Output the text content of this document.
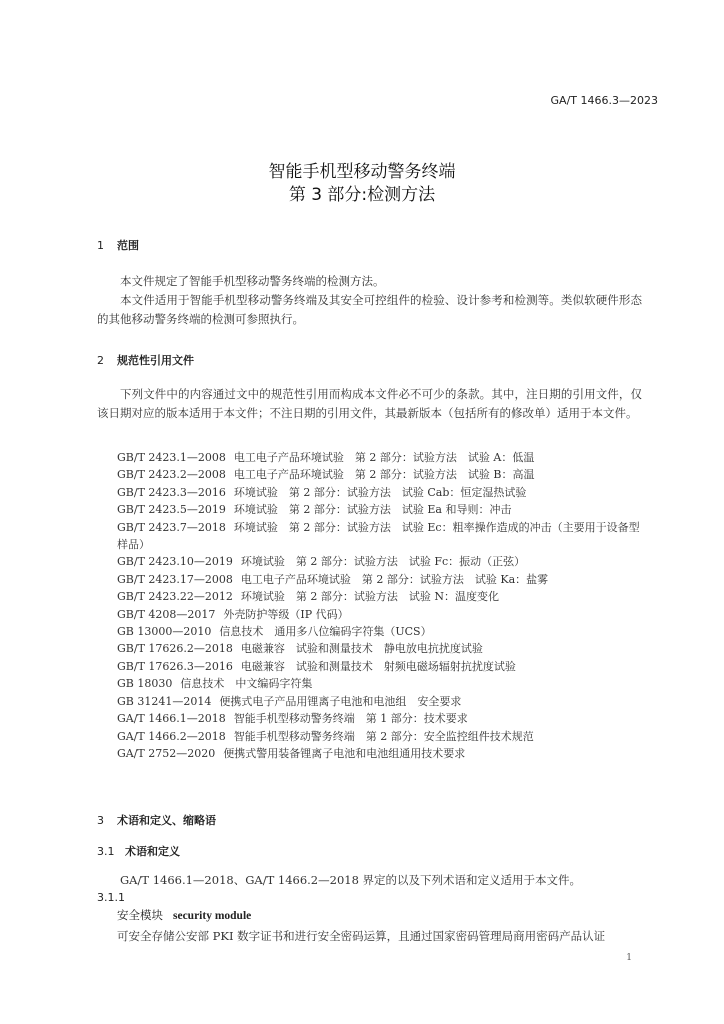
GA/T 1466.3—2023
智能手机型移动警务终端
第 3 部分:检测方法
1 范围
本文件规定了智能手机型移动警务终端的检测方法。
本文件适用于智能手机型移动警务终端及其安全可控组件的检验、设计参考和检测等。类似软硬件形态的其他移动警务终端的检测可参照执行。
2 规范性引用文件
下列文件中的内容通过文中的规范性引用而构成本文件必不可少的条款。其中，注日期的引用文件，仅该日期对应的版本适用于本文件；不注日期的引用文件，其最新版本（包括所有的修改单）适用于本文件。
GB/T 2423.1—2008 电工电子产品环境试验　第 2 部分：试验方法　试验 A：低温
GB/T 2423.2—2008 电工电子产品环境试验　第 2 部分：试验方法　试验 B：高温
GB/T 2423.3—2016 环境试验　第 2 部分：试验方法　试验 Cab：恒定湿热试验
GB/T 2423.5—2019 环境试验　第 2 部分：试验方法　试验 Ea 和导则：冲击
GB/T 2423.7—2018 环境试验　第 2 部分：试验方法　试验 Ec：粗率操作造成的冲击（主要用于设备型样品）
GB/T 2423.10—2019 环境试验　第 2 部分：试验方法　试验 Fc：振动（正弦）
GB/T 2423.17—2008 电工电子产品环境试验　第 2 部分：试验方法　试验 Ka：盐雾
GB/T 2423.22—2012 环境试验　第 2 部分：试验方法　试验 N：温度变化
GB/T 4208—2017 外壳防护等级（IP 代码）
GB 13000—2010 信息技术　通用多八位编码字符集（UCS）
GB/T 17626.2—2018 电磁兼容　试验和测量技术　静电放电抗扰度试验
GB/T 17626.3—2016 电磁兼容　试验和测量技术　射频电磁场辐射抗扰度试验
GB 18030 信息技术　中文编码字符集
GB 31241—2014 便携式电子产品用锂离子电池和电池组　安全要求
GA/T 1466.1—2018 智能手机型移动警务终端　第 1 部分：技术要求
GA/T 1466.2—2018 智能手机型移动警务终端　第 2 部分：安全监控组件技术规范
GA/T 2752—2020 便携式警用装备锂离子电池和电池组通用技术要求
3 术语和定义、缩略语
3.1 术语和定义
GA/T 1466.1—2018、GA/T 1466.2—2018 界定的以及下列术语和定义适用于本文件。
3.1.1
安全模块 security module
可安全存储公安部 PKI 数字证书和进行安全密码运算，且通过国家密码管理局商用密码产品认证
1
